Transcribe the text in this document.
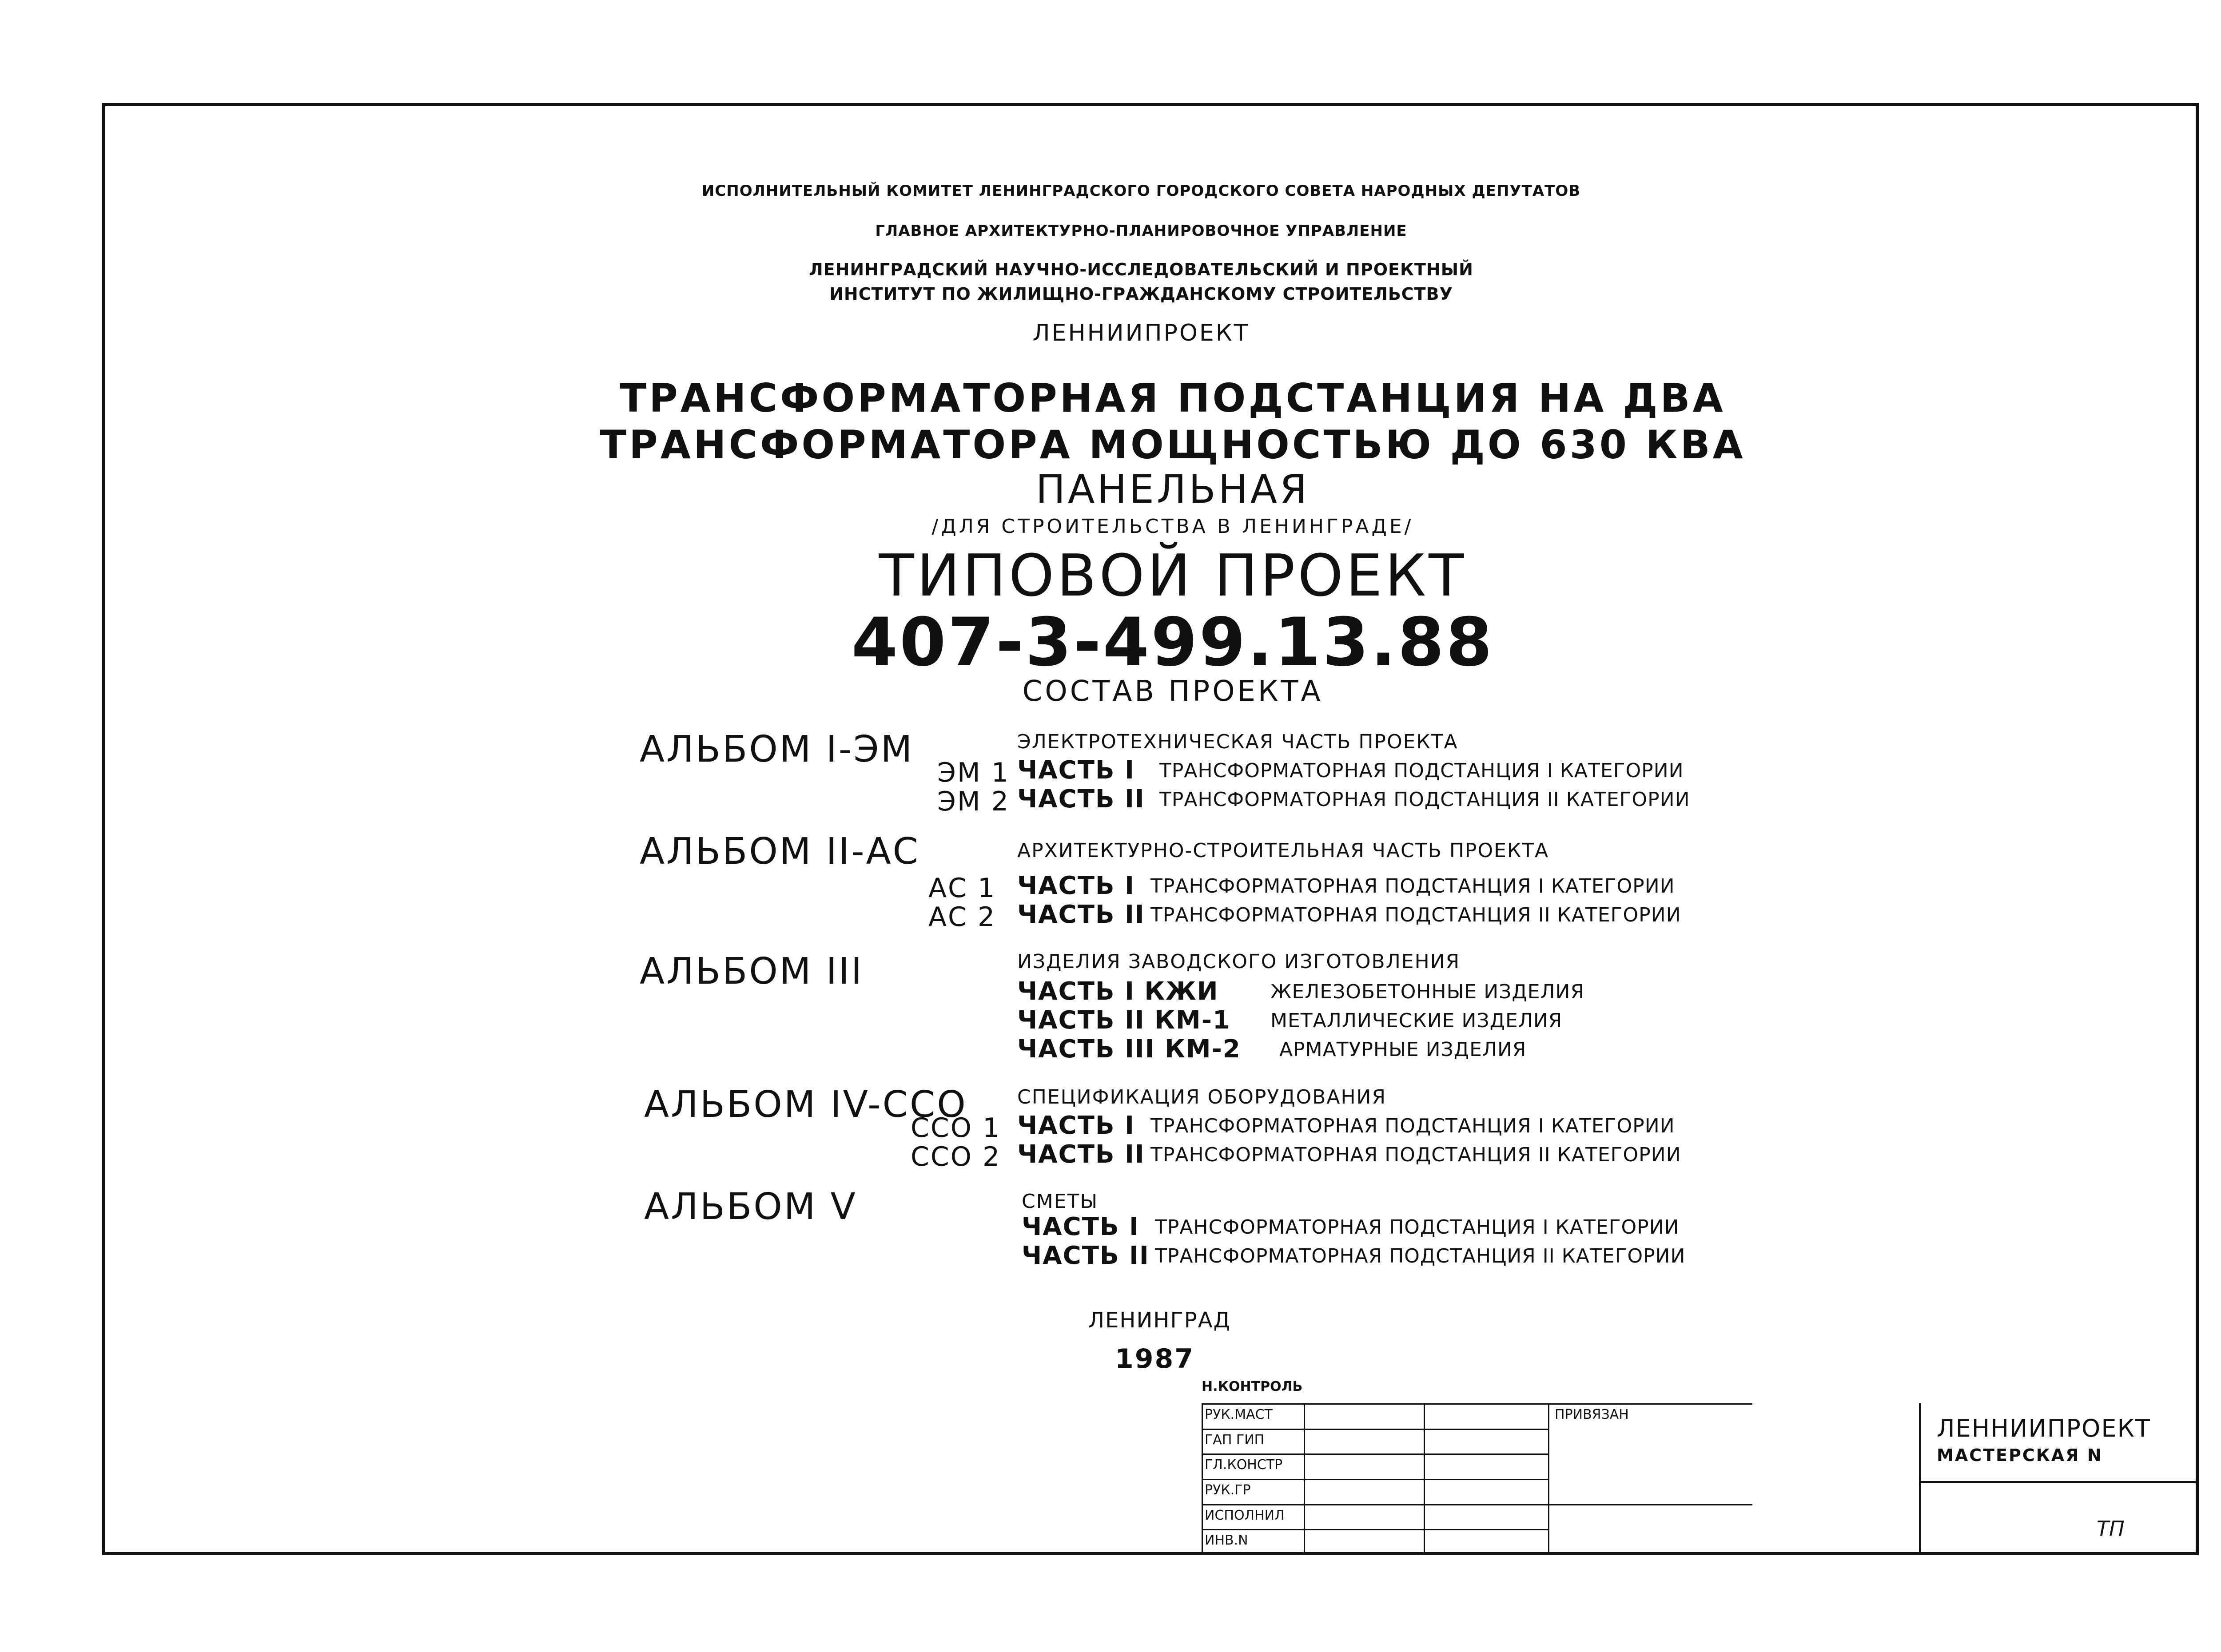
ИСПОЛНИТЕЛЬНЫЙ КОМИТЕТ ЛЕНИНГРАДСКОГО ГОРОДСКОГО СОВЕТА НАРОДНЫХ ДЕПУТАТОВ
ГЛАВНОЕ АРХИТЕКТУРНО-ПЛАНИРОВОЧНОЕ УПРАВЛЕНИЕ
ЛЕНИНГРАДСКИЙ НАУЧНО-ИССЛЕДОВАТЕЛЬСКИЙ И ПРОЕКТНЫЙ
ИНСТИТУТ ПО ЖИЛИЩНО-ГРАЖДАНСКОМУ СТРОИТЕЛЬСТВУ
ЛЕННИИПРОЕКТ
ТРАНСФОРМАТОРНАЯ ПОДСТАНЦИЯ НА ДВА
ТРАНСФОРМАТОРА МОЩНОСТЬЮ ДО 630 КВА
ПАНЕЛЬНАЯ
/ДЛЯ СТРОИТЕЛЬСТВА В ЛЕНИНГРАДЕ/
ТИПОВОЙ ПРОЕКТ
407-3-499.13.88
СОСТАВ ПРОЕКТА
АЛЬБОМ I-ЭМ	ЭЛЕКТРОТЕХНИЧЕСКАЯ ЧАСТЬ ПРОЕКТА
ЭМ 1 ЧАСТЬ I ТРАНСФОРМАТОРНАЯ ПОДСТАНЦИЯ I КАТЕГОРИИ
ЭМ 2 ЧАСТЬ II ТРАНСФОРМАТОРНАЯ ПОДСТАНЦИЯ II КАТЕГОРИИ
АЛЬБОМ II-АС	АРХИТЕКТУРНО-СТРОИТЕЛЬНАЯ ЧАСТЬ ПРОЕКТА
АС 1 ЧАСТЬ I ТРАНСФОРМАТОРНАЯ ПОДСТАНЦИЯ I КАТЕГОРИИ
АС 2 ЧАСТЬ II ТРАНСФОРМАТОРНАЯ ПОДСТАНЦИЯ II КАТЕГОРИИ
АЛЬБОМ III	ИЗДЕЛИЯ ЗАВОДСКОГО ИЗГОТОВЛЕНИЯ
ЧАСТЬ I КЖИ	ЖЕЛЕЗОБЕТОННЫЕ ИЗДЕЛИЯ
ЧАСТЬ II КМ-1 МЕТАЛЛИЧЕСКИЕ ИЗДЕЛИЯ
ЧАСТЬ III КМ-2 АРМАТУРНЫЕ ИЗДЕЛИЯ
АЛЬБОМ IV-ССО	СПЕЦИФИКАЦИЯ ОБОРУДОВАНИЯ
ССО 1 ЧАСТЬ I ТРАНСФОРМАТОРНАЯ ПОДСТАНЦИЯ I КАТЕГОРИИ
ССО 2 ЧАСТЬ II ТРАНСФОРМАТОРНАЯ ПОДСТАНЦИЯ II КАТЕГОРИИ
АЛЬБОМ V	СМЕТЫ
ЧАСТЬ I ТРАНСФОРМАТОРНАЯ ПОДСТАНЦИЯ I КАТЕГОРИИ
ЧАСТЬ II ТРАНСФОРМАТОРНАЯ ПОДСТАНЦИЯ II КАТЕГОРИИ
ЛЕНИНГРАД
1987
Н.КОНТРОЛЬ
РУК.МАСТ
ГАП ГИП
ГЛ.КОНСТР
РУК.ГР
ИСПОЛНИЛ
ИНВ.N
ПРИВЯЗАН	ЛЕННИИПРОЕКТ
МАСТЕРСКАЯ N
ТП
